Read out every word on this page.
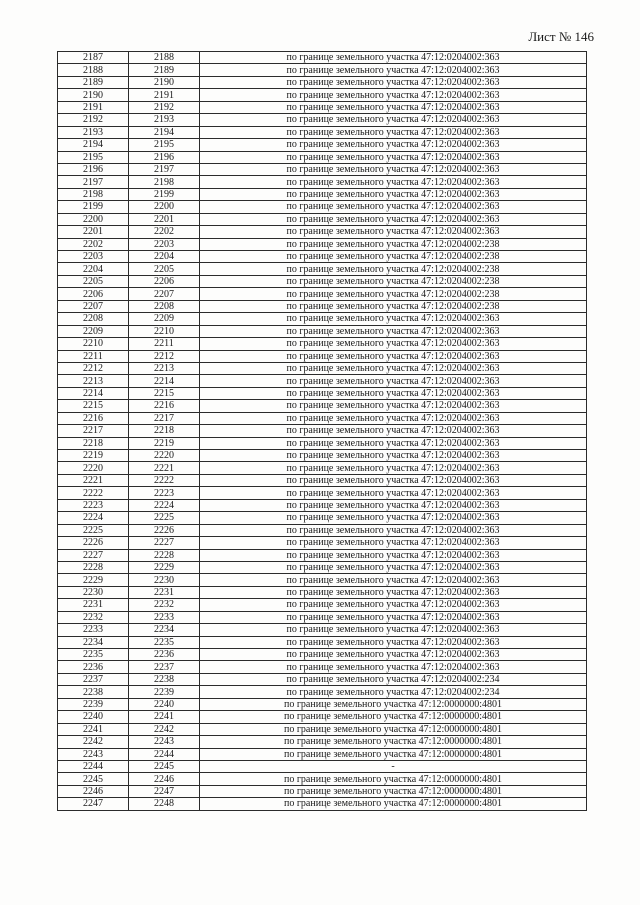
Лист № 146
2187	2188	по границе земельного участка 47:12:0204002:363
2188	2189	по границе земельного участка 47:12:0204002:363
2189	2190	по границе земельного участка 47:12:0204002:363
2190	2191	по границе земельного участка 47:12:0204002:363
2191	2192	по границе земельного участка 47:12:0204002:363
2192	2193	по границе земельного участка 47:12:0204002:363
2193	2194	по границе земельного участка 47:12:0204002:363
2194	2195	по границе земельного участка 47:12:0204002:363
2195	2196	по границе земельного участка 47:12:0204002:363
2196	2197	по границе земельного участка 47:12:0204002:363
2197	2198	по границе земельного участка 47:12:0204002:363
2198	2199	по границе земельного участка 47:12:0204002:363
2199	2200	по границе земельного участка 47:12:0204002:363
2200	2201	по границе земельного участка 47:12:0204002:363
2201	2202	по границе земельного участка 47:12:0204002:363
2202	2203	по границе земельного участка 47:12:0204002:238
2203	2204	по границе земельного участка 47:12:0204002:238
2204	2205	по границе земельного участка 47:12:0204002:238
2205	2206	по границе земельного участка 47:12:0204002:238
2206	2207	по границе земельного участка 47:12:0204002:238
2207	2208	по границе земельного участка 47:12:0204002:238
2208	2209	по границе земельного участка 47:12:0204002:363
2209	2210	по границе земельного участка 47:12:0204002:363
2210	2211	по границе земельного участка 47:12:0204002:363
2211	2212	по границе земельного участка 47:12:0204002:363
2212	2213	по границе земельного участка 47:12:0204002:363
2213	2214	по границе земельного участка 47:12:0204002:363
2214	2215	по границе земельного участка 47:12:0204002:363
2215	2216	по границе земельного участка 47:12:0204002:363
2216	2217	по границе земельного участка 47:12:0204002:363
2217	2218	по границе земельного участка 47:12:0204002:363
2218	2219	по границе земельного участка 47:12:0204002:363
2219	2220	по границе земельного участка 47:12:0204002:363
2220	2221	по границе земельного участка 47:12:0204002:363
2221	2222	по границе земельного участка 47:12:0204002:363
2222	2223	по границе земельного участка 47:12:0204002:363
2223	2224	по границе земельного участка 47:12:0204002:363
2224	2225	по границе земельного участка 47:12:0204002:363
2225	2226	по границе земельного участка 47:12:0204002:363
2226	2227	по границе земельного участка 47:12:0204002:363
2227	2228	по границе земельного участка 47:12:0204002:363
2228	2229	по границе земельного участка 47:12:0204002:363
2229	2230	по границе земельного участка 47:12:0204002:363
2230	2231	по границе земельного участка 47:12:0204002:363
2231	2232	по границе земельного участка 47:12:0204002:363
2232	2233	по границе земельного участка 47:12:0204002:363
2233	2234	по границе земельного участка 47:12:0204002:363
2234	2235	по границе земельного участка 47:12:0204002:363
2235	2236	по границе земельного участка 47:12:0204002:363
2236	2237	по границе земельного участка 47:12:0204002:363
2237	2238	по границе земельного участка 47:12:0204002:234
2238	2239	по границе земельного участка 47:12:0204002:234
2239	2240	по границе земельного участка 47:12:0000000:4801
2240	2241	по границе земельного участка 47:12:0000000:4801
2241	2242	по границе земельного участка 47:12:0000000:4801
2242	2243	по границе земельного участка 47:12:0000000:4801
2243	2244	по границе земельного участка 47:12:0000000:4801
2244	2245	-
2245	2246	по границе земельного участка 47:12:0000000:4801
2246	2247	по границе земельного участка 47:12:0000000:4801
2247	2248	по границе земельного участка 47:12:0000000:4801
